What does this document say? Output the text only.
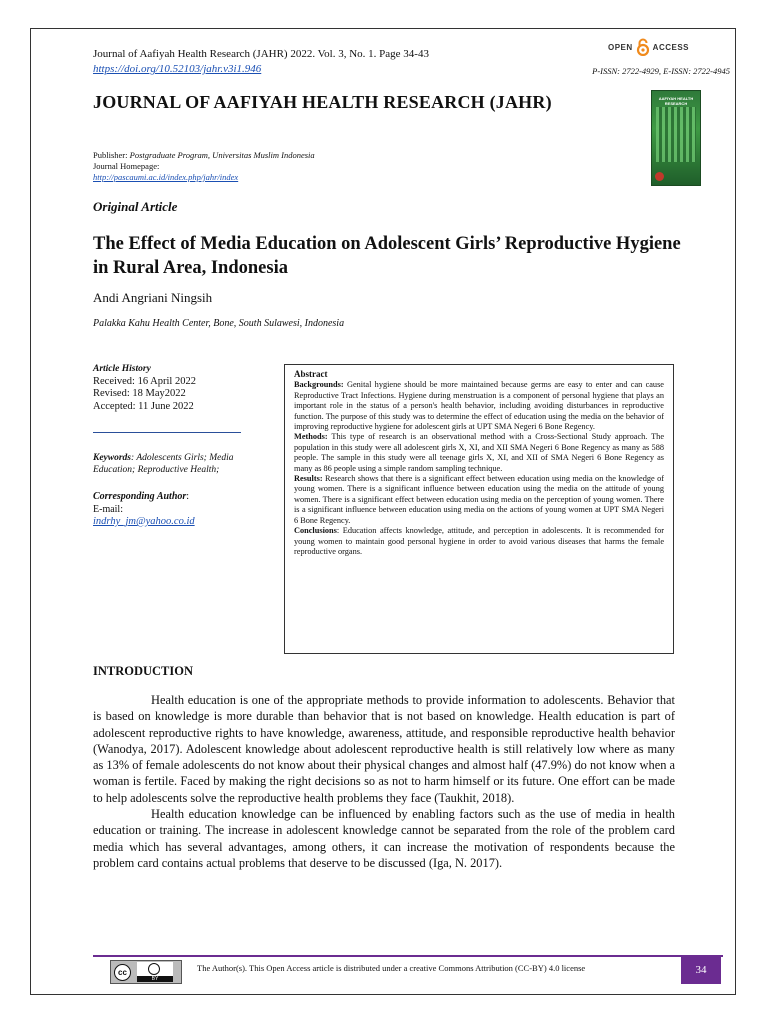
Journal of Aafiyah Health Research (JAHR) 2022. Vol. 3, No. 1. Page 34-43
https://doi.org/10.52103/jahr.v3i1.946
OPEN	ACCESS
P-ISSN: 2722-4929, E-ISSN: 2722-4945
JOURNAL OF AAFIYAH HEALTH RESEARCH (JAHR)	AAFIYAH HEALTH RESEARCH
Publisher: Postgraduate Program, Universitas Muslim Indonesia
Journal Homepage:
http://pascaumi.ac.id/index.php/jahr/index
Original Article
The Effect of Media Education on Adolescent Girls’ Reproductive Hygiene in Rural Area, Indonesia
Andi Angriani Ningsih
Palakka Kahu Health Center, Bone, South Sulawesi, Indonesia
Article History
Received: 16 April 2022
Revised: 18 May2022
Accepted: 11 June 2022
Keywords: Adolescents Girls; Media Education; Reproductive Health;
Corresponding Author:
E-mail:
indrhy_jm@yahoo.co.id
Abstract

Backgrounds: Genital hygiene should be more maintained because germs are easy to enter and can cause Reproductive Tract Infections. Hygiene during menstruation is a component of personal hygiene that plays an important role in the status of a person's health behavior, including avoiding disturbances in reproductive function. The purpose of this study was to determine the effect of education using the media on the behavior of improving reproductive hygiene for adolescent girls at UPT SMA Negeri 6 Bone Regency.

Methods: This type of research is an observational method with a Cross-Sectional Study approach. The population in this study were all adolescent girls X, XI, and XII SMA Negeri 6 Bone Regency as many as 588 people. The sample in this study were all teenage girls X, XI, and XII of SMA Negeri 6 Bone Regency as many as 86 people using a simple random sampling technique.

Results: Research shows that there is a significant effect between education using media on the knowledge of young women. There is a significant influence between education using the media on the attitude of young women. There is a significant effect between education using media on the perception of young women. There is a significant influence between education using media on the actions of young women at UPT SMA Negeri 6 Bone Regency.

Conclusions: Education affects knowledge, attitude, and perception in adolescents. It is recommended for young women to maintain good personal hygiene in order to avoid various diseases that harms the female reproductive organs.

INTRODUCTION

Health education is one of the appropriate methods to provide information to adolescents. Behavior that is based on knowledge is more durable than behavior that is not based on knowledge. Health education is part of adolescent reproductive rights to have knowledge, awareness, attitude, and responsible reproductive health behavior (Wanodya, 2017). Adolescent knowledge about adolescent reproductive health is still relatively low where as many as 13% of female adolescents do not know about their physical changes and almost half (47.9%) do not know when a woman is fertile. Faced by making the right decisions so as not to harm himself or its future. One effort can be made to help adolescents solve the reproductive health problems they face (Taukhit, 2018).

Health education knowledge can be influenced by enabling factors such as the use of media in health education or training. The increase in adolescent knowledge cannot be separated from the role of the problem card media which has several advantages, among others, it can increase the motivation of respondents because the problem card contains actual problems that deserve to be discussed (Iga, N. 2017).

cc
BY
The Author(s). This Open Access article is distributed under a creative Commons Attribution (CC-BY) 4.0 license	34
